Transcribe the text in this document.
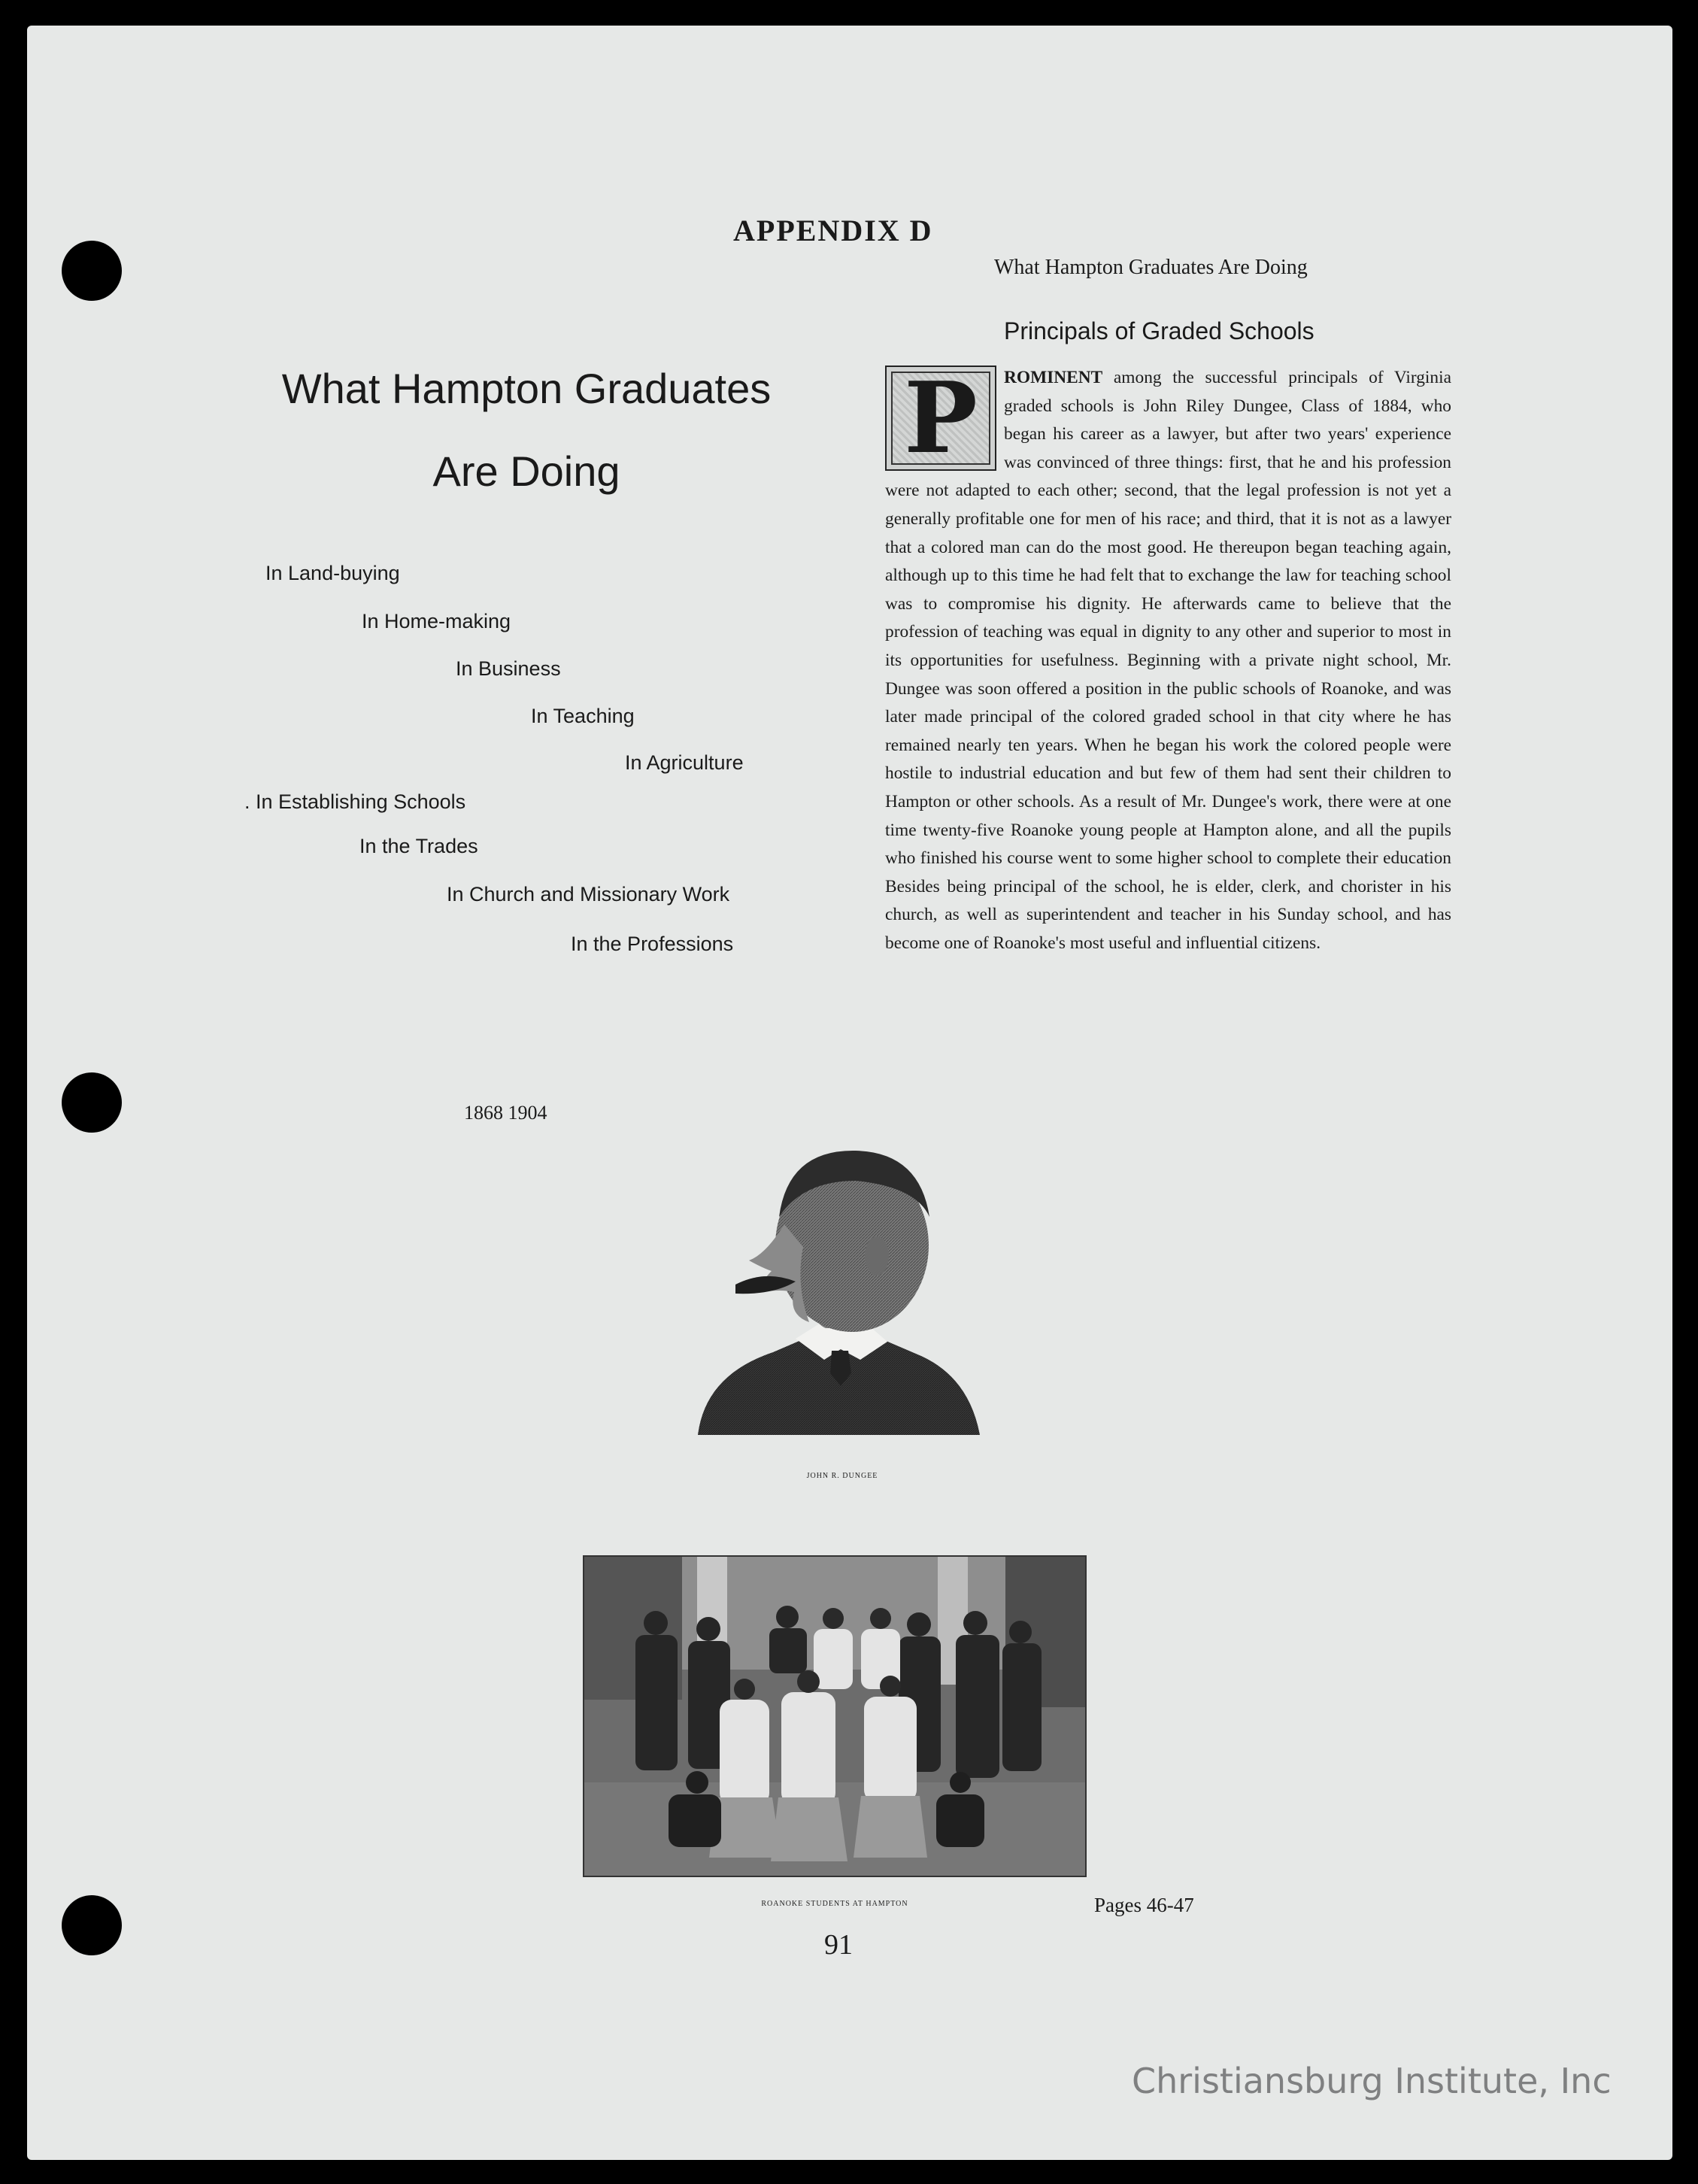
APPENDIX D
What Hampton Graduates Are Doing
What Hampton Graduates
Are Doing
In Land-buying
In Home-making
In Business
In Teaching
In Agriculture
. In Establishing Schools
In the Trades
In Church and Missionary Work
In the Professions
1868 1904
Principals of Graded Schools
P	ROMINENT among the successful principals of Virginia graded schools is John Riley Dungee, Class of 1884, who began his career as a lawyer, but after two years' experience was convinced of three things: first, that he and his profession were not adapted to each other; second, that the legal profession is not yet a generally profitable one for men of his race; and third, that it is not as a lawyer that a colored man can do the most good. He thereupon began teaching again, although up to this time he had felt that to exchange the law for teaching school was to compromise his dignity. He afterwards came to believe that the profession of teaching was equal in dignity to any other and superior to most in its opportunities for usefulness. Beginning with a private night school, Mr. Dungee was soon offered a position in the public schools of Roanoke, and was later made principal of the colored graded school in that city where he has remained nearly ten years. When he began his work the colored people were hostile to industrial education and but few of them had sent their children to Hampton or other schools. As a result of Mr. Dungee's work, there were at one time twenty-five Roanoke young people at Hampton alone, and all the pupils who finished his course went to some higher school to complete their education Besides being principal of the school, he is elder, clerk, and chorister in his church, as well as superintendent and teacher in his Sunday school, and has become one of Roanoke's most useful and influential citizens.
JOHN R. DUNGEE
ROANOKE STUDENTS AT HAMPTON	Pages 46-47
91
Christiansburg Institute, Inc
